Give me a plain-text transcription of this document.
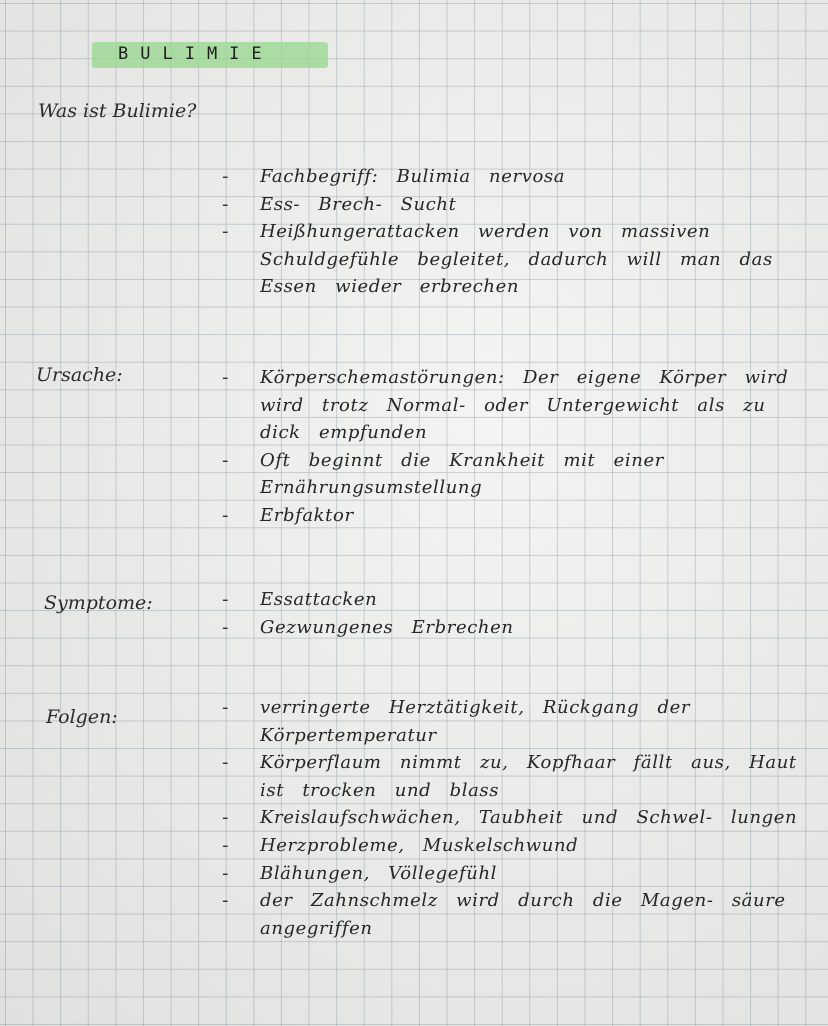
BULIMIE
Was ist Bulimie?
- Fachbegriff: Bulimia nervosa
- Ess- Brech- Sucht
- Heißhungerattacken werden von massiven Schuldgefühle begleitet, dadurch will man das Essen wieder erbrechen
Ursache:	- Körperschemastörungen: Der eigene Körper wird wird trotz Normal- oder Untergewicht als zu dick empfunden
- Oft beginnt die Krankheit mit einer Ernährungsumstellung
- Erbfaktor
Symptome:	- Essattacken
- Gezwungenes Erbrechen
Folgen:	- verringerte Herztätigkeit, Rückgang der Körpertemperatur
- Körperflaum nimmt zu, Kopfhaar fällt aus, Haut ist trocken und blass
- Kreislaufschwächen, Taubheit und Schwel- lungen
- Herzprobleme, Muskelschwund
- Blähungen, Völlegefühl
- der Zahnschmelz wird durch die Magen- säure angegriffen
